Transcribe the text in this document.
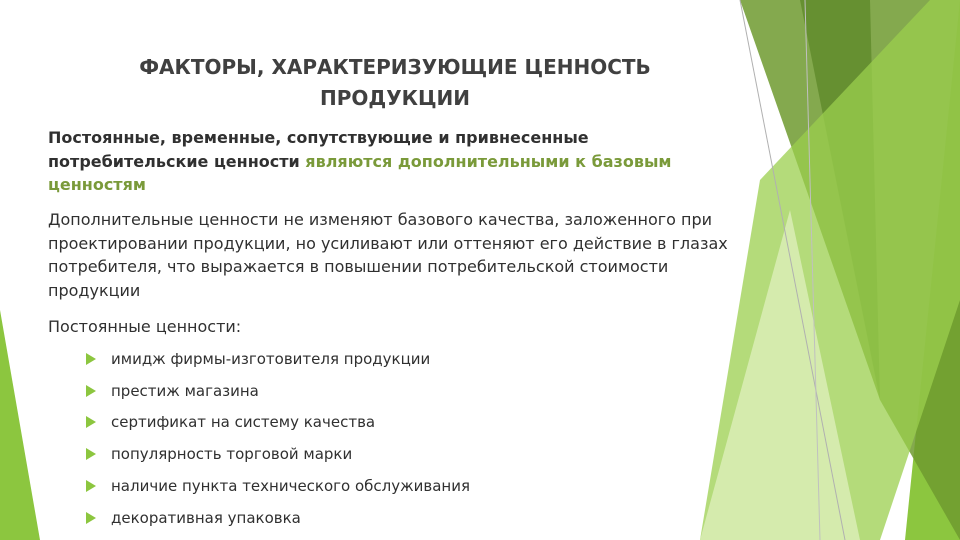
ФАКТОРЫ, ХАРАКТЕРИЗУЮЩИЕ ЦЕННОСТЬ
ПРОДУКЦИИ
Постоянные, временные, сопутствующие и привнесенные потребительские ценности являются дополнительными к базовым ценностям
Дополнительные ценности не изменяют базового качества, заложенного при проектировании продукции, но усиливают или оттеняют его действие в глазах потребителя, что выражается в повышении потребительской стоимости продукции
Постоянные ценности:
имидж фирмы-изготовителя продукции
престиж магазина
сертификат на систему качества
популярность торговой марки
наличие пункта технического обслуживания
декоративная упаковка
